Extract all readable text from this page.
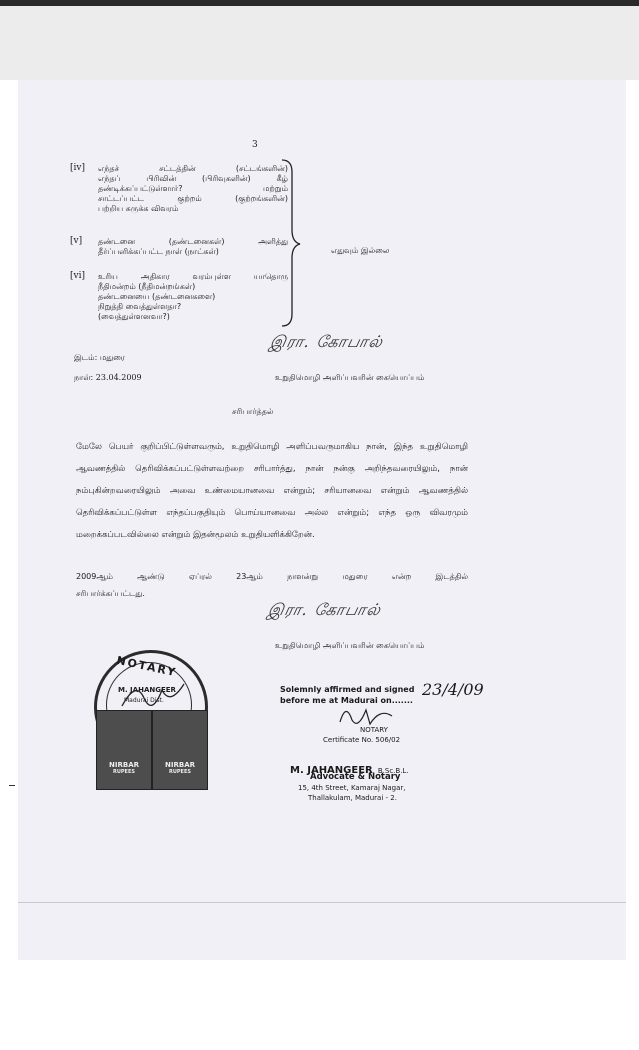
3
[iv] எந்தச் சட்டத்தின் (சட்டங்களின்)
எந்தப் பிரிவின் (பிரிவுகளின்) கீழ்
தண்டிக்கப்பட்டுள்ளார்? மற்றும்
சாட்டப்பட்ட குற்றம் (குற்றங்களின்)
பற்றிய சுருக்க விவரம்
[v] தண்டனை (தண்டனைகள்) அளித்து
தீர்ப்பளிக்கப்பட்ட நாள் (நாட்கள்)
[vi] உரிய அதிகார வரம்புள்ள யாதொரு
நீதிமன்றம் (நீதிமன்றங்கள்)
தண்டனையை (தண்டனைகளை)
நிறுத்தி வைத்துள்ளதா?
(வைத்துள்ளனவா?)
எதுவும் இல்லை
இரா. கோபால்
இடம்: மதுரை
நாள்: 23.04.2009	உறுதிமொழி அளிப்பவரின் கையொப்பம்
சரிபார்த்தல்
மேலே பெயர் குறிப்பிட்டுள்ளவரும், உறுதிமொழி அளிப்பவருமாகிய நான், இந்த உறுதிமொழி ஆவணத்தில் தெரிவிக்கப்பட்டுள்ளவற்றை சரிபார்த்து, நான் நன்கு அறிந்தவரையிலும், நான் நம்புகின்றவரையிலும் அவை உண்மையானவை என்றும்; சரியானவை என்றும் ஆவணத்தில் தெரிவிக்கப்பட்டுள்ள எந்தப்பகுதியும் பொய்யானவை அல்ல என்றும்; எந்த ஒரு விவரமும் மறைக்கப்படவில்லை என்றும் இதன்மூலம் உறுதியளிக்கிறேன்.
2009ஆம் ஆண்டு ஏப்ரல் 23ஆம் நாளன்று மதுரை என்ற இடத்தில்
சரிபார்க்கப்பட்டது.
இரா. கோபால்
உறுதிமொழி அளிப்பவரின் கையொப்பம்
NOTARY
M. JAHANGEER
Madurai Dist.
NIRBAR
RUPEES
NIRBAR
RUPEES
Solemnly affirmed and signed
before me at Madurai on.......
23/4/09
NOTARY
Certificate No. 506/02
M. JAHANGEER B.Sc.B.L.
Advocate & Notary
15, 4th Street, Kamaraj Nagar,
Thallakulam, Madurai - 2.
